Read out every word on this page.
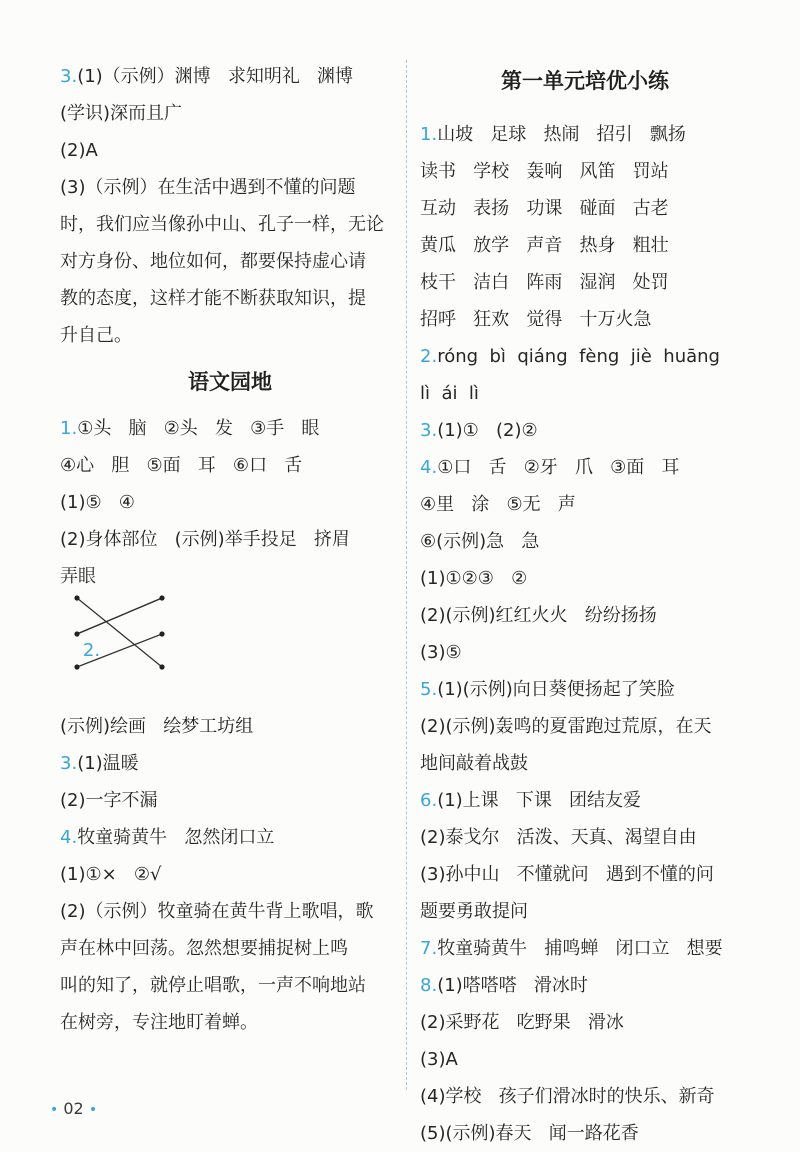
3.(1)（示例）渊博   求知明礼   渊博
(学识)深而且广
(2)A
(3)（示例）在生活中遇到不懂的问题
时，我们应当像孙中山、孔子一样，无论
对方身份、地位如何，都要保持虚心请
教的态度，这样才能不断获取知识，提
升自己。
语文园地
1.①头   脑   ②头   发   ③手   眼
④心   胆   ⑤面   耳   ⑥口   舌
(1)⑤   ④
(2)身体部位   (示例)举手投足   挤眉
弄眼

2.

(示例)绘画   绘梦工坊组
3.(1)温暖
(2)一字不漏
4.牧童骑黄牛   忽然闭口立
(1)①×   ②√
(2)（示例）牧童骑在黄牛背上歌唱，歌
声在林中回荡。忽然想要捕捉树上鸣
叫的知了，就停止唱歌，一声不响地站
在树旁，专注地盯着蝉。
第一单元培优小练
1.山坡   足球   热闹   招引   飘扬
读书   学校   轰响   风笛   罚站
互动   表扬   功课   碰面   古老
黄瓜   放学   声音   热身   粗壮
枝干   洁白   阵雨   湿润   处罚
招呼   狂欢   觉得   十万火急
2.róng  bì  qiáng  fèng  jiè  huāng
lì  ái  lì
3.(1)①   (2)②
4.①口   舌   ②牙   爪   ③面   耳
④里   涂   ⑤无   声
⑥(示例)急   急
(1)①②③   ②
(2)(示例)红红火火   纷纷扬扬
(3)⑤
5.(1)(示例)向日葵便扬起了笑脸
(2)(示例)轰鸣的夏雷跑过荒原，在天
地间敲着战鼓
6.(1)上课   下课   团结友爱
(2)泰戈尔   活泼、天真、渴望自由
(3)孙中山   不懂就问   遇到不懂的问
题要勇敢提问
7.牧童骑黄牛   捕鸣蝉   闭口立   想要
8.(1)嗒嗒嗒   滑冰时
(2)采野花   吃野果   滑冰
(3)A
(4)学校   孩子们滑冰时的快乐、新奇
(5)(示例)春天   闻一路花香
• 02 •
